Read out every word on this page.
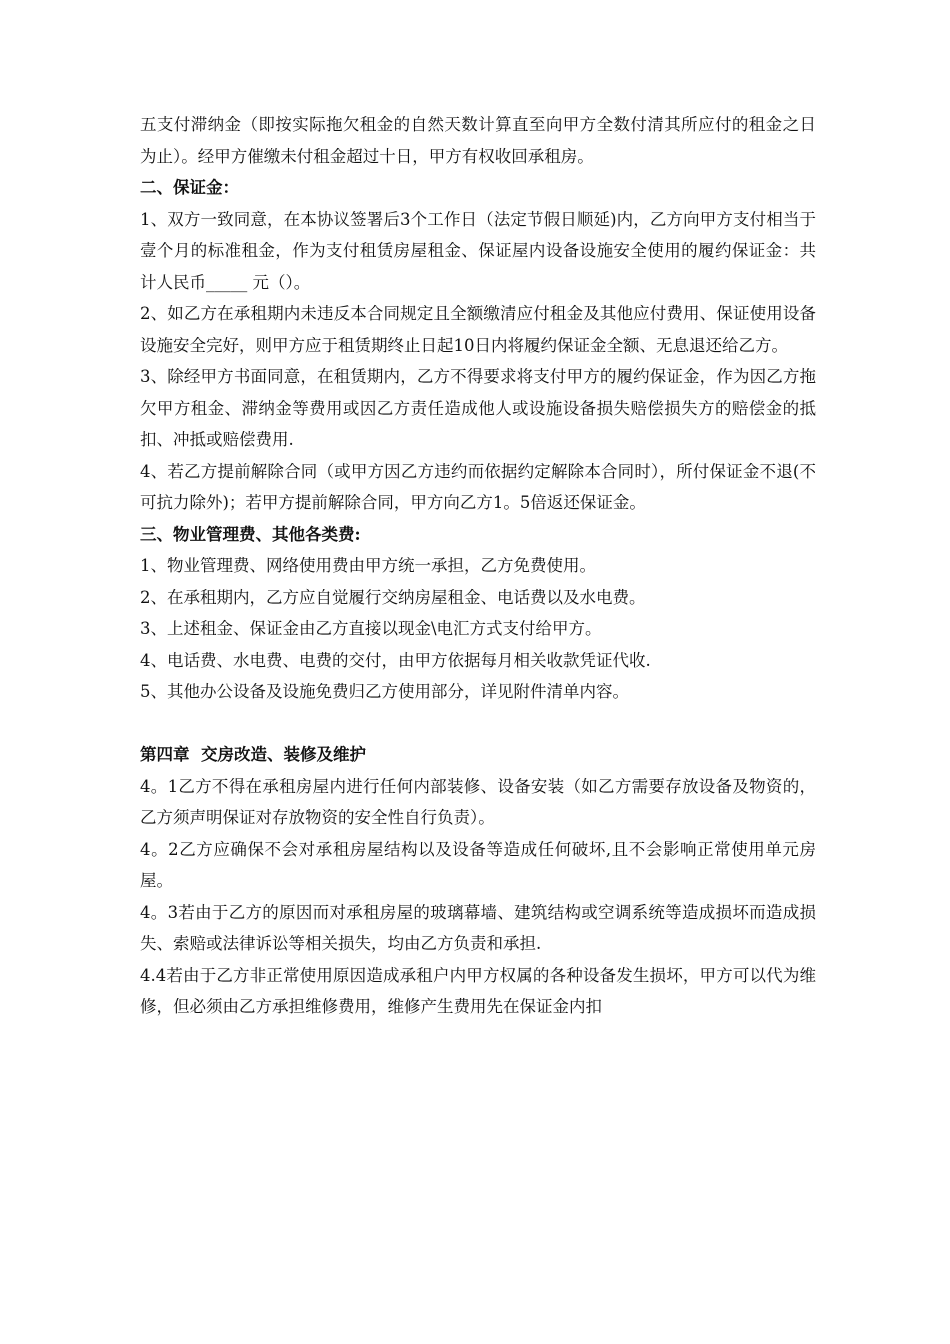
五支付滞纳金（即按实际拖欠租金的自然天数计算直至向甲方全数付清其所应付的租金之日为止）。经甲方催缴未付租金超过十日，甲方有权收回承租房。

二、保证金：

1、双方一致同意，在本协议签署后3个工作日（法定节假日顺延)内，乙方向甲方支付相当于壹个月的标准租金，作为支付租赁房屋租金、保证屋内设备设施安全使用的履约保证金：共计人民币_____ 元（）。

2、如乙方在承租期内未违反本合同规定且全额缴清应付租金及其他应付费用、保证使用设备设施安全完好，则甲方应于租赁期终止日起10日内将履约保证金全额、无息退还给乙方。

3、除经甲方书面同意，在租赁期内，乙方不得要求将支付甲方的履约保证金，作为因乙方拖欠甲方租金、滞纳金等费用或因乙方责任造成他人或设施设备损失赔偿损失方的赔偿金的抵扣、冲抵或赔偿费用.

4、若乙方提前解除合同（或甲方因乙方违约而依据约定解除本合同时），所付保证金不退(不可抗力除外)；若甲方提前解除合同，甲方向乙方1。5倍返还保证金。

三、物业管理费、其他各类费:

1、物业管理费、网络使用费由甲方统一承担，乙方免费使用。

2、在承租期内，乙方应自觉履行交纳房屋租金、电话费以及水电费。

3、上述租金、保证金由乙方直接以现金\电汇方式支付给甲方。

4、电话费、水电费、电费的交付，由甲方依据每月相关收款凭证代收.

5、其他办公设备及设施免费归乙方使用部分，详见附件清单内容。

第四章  交房改造、装修及维护

4。1乙方不得在承租房屋内进行任何内部装修、设备安装（如乙方需要存放设备及物资的，乙方须声明保证对存放物资的安全性自行负责）。

4。2乙方应确保不会对承租房屋结构以及设备等造成任何破坏,且不会影响正常使用单元房屋。

4。3若由于乙方的原因而对承租房屋的玻璃幕墙、建筑结构或空调系统等造成损坏而造成损失、索赔或法律诉讼等相关损失，均由乙方负责和承担.

4.4若由于乙方非正常使用原因造成承租户内甲方权属的各种设备发生损坏，甲方可以代为维修，但必须由乙方承担维修费用，维修产生费用先在保证金内扣
